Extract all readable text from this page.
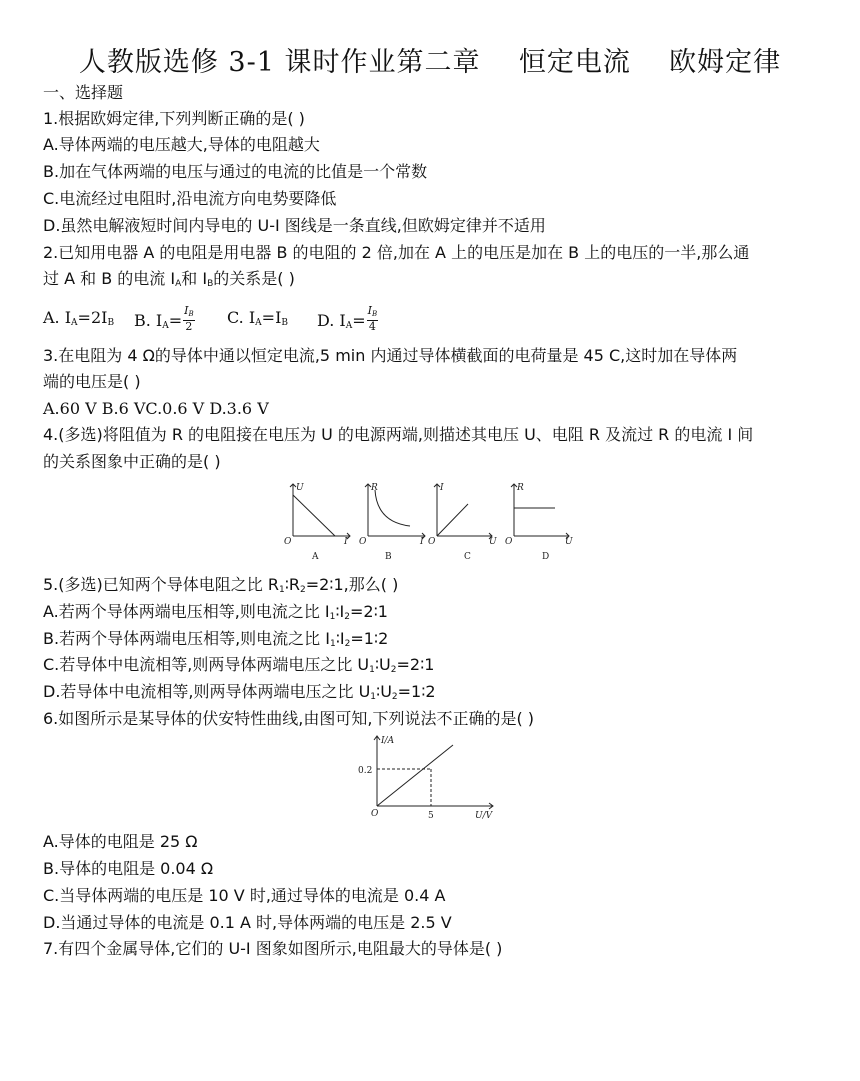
人教版选修 3-1 课时作业第二章    恒定电流    欧姆定律
一、选择题
1.根据欧姆定律,下列判断正确的是( )
A.导体两端的电压越大,导体的电阻越大
B.加在气体两端的电压与通过的电流的比值是一个常数
C.电流经过电阻时,沿电流方向电势要降低
D.虽然电解液短时间内导电的 U-I 图线是一条直线,但欧姆定律并不适用
2.已知用电器 A 的电阻是用电器 B 的电阻的 2 倍,加在 A 上的电压是加在 B 上的电压的一半,那么通
过 A 和 B 的电流 $I_A$和 $I_B$的关系是( )
A. $I_A=2I_B$ B. $I_A= \frac{I_B}{2} C$. $I_A=I_B$ D. $I_A= \frac{I_B}{4}$
3.在电阻为 4 Ω的导体中通以恒定电流,5 min 内通过导体横截面的电荷量是 45 C,这时加在导体两
端的电压是( )
A.60 V B.6 VC.0.6 V D.3.6 V
4.(多选)将阻值为 R 的电阻接在电压为 U 的电源两端,则描述其电压 U、电阻 R 及流过 R 的电流 I 间
的关系图象中正确的是( )
U
O	I
R
O	I
I
O	U
R
O	U
A	B	C	D
5.(多选)已知两个导体电阻之比 $R_1∶R_2=2∶1$,那么( )
A.若两个导体两端电压相等,则电流之比 $I_1∶I_2=2∶1$
B.若两个导体两端电压相等,则电流之比 $I_1∶I_2=1∶2$
C.若导体中电流相等,则两导体两端电压之比 $U_1∶U_2=2∶1$
D.若导体中电流相等,则两导体两端电压之比 $U_1∶U_2=1∶2$
6.如图所示是某导体的伏安特性曲线,由图可知,下列说法不正确的是( )
I/A
0.2
O	5	U/V
A.导体的电阻是 25 Ω
B.导体的电阻是 0.04 Ω
C.当导体两端的电压是 10 V 时,通过导体的电流是 0.4 A
D.当通过导体的电流是 0.1 A 时,导体两端的电压是 2.5 V
7.有四个金属导体,它们的 U-I 图象如图所示,电阻最大的导体是( )
